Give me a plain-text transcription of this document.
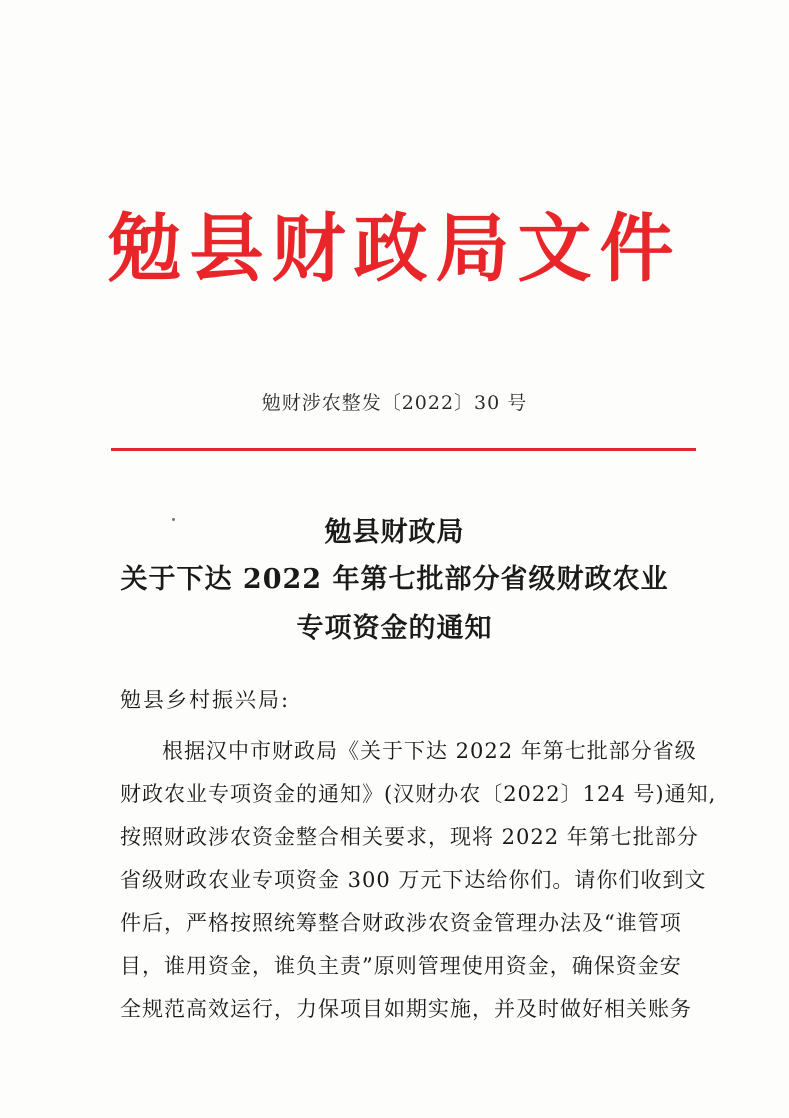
勉县财政局文件
勉财涉农整发〔2022〕30 号
勉县财政局
关于下达 2022 年第七批部分省级财政农业
专项资金的通知
勉县乡村振兴局:
根据汉中市财政局《关于下达 2022 年第七批部分省级
财政农业专项资金的通知》(汉财办农〔2022〕124 号)通知,
按照财政涉农资金整合相关要求，现将 2022 年第七批部分
省级财政农业专项资金 300 万元下达给你们。请你们收到文
件后，严格按照统筹整合财政涉农资金管理办法及“谁管项
目，谁用资金，谁负主责”原则管理使用资金，确保资金安
全规范高效运行，力保项目如期实施，并及时做好相关账务
